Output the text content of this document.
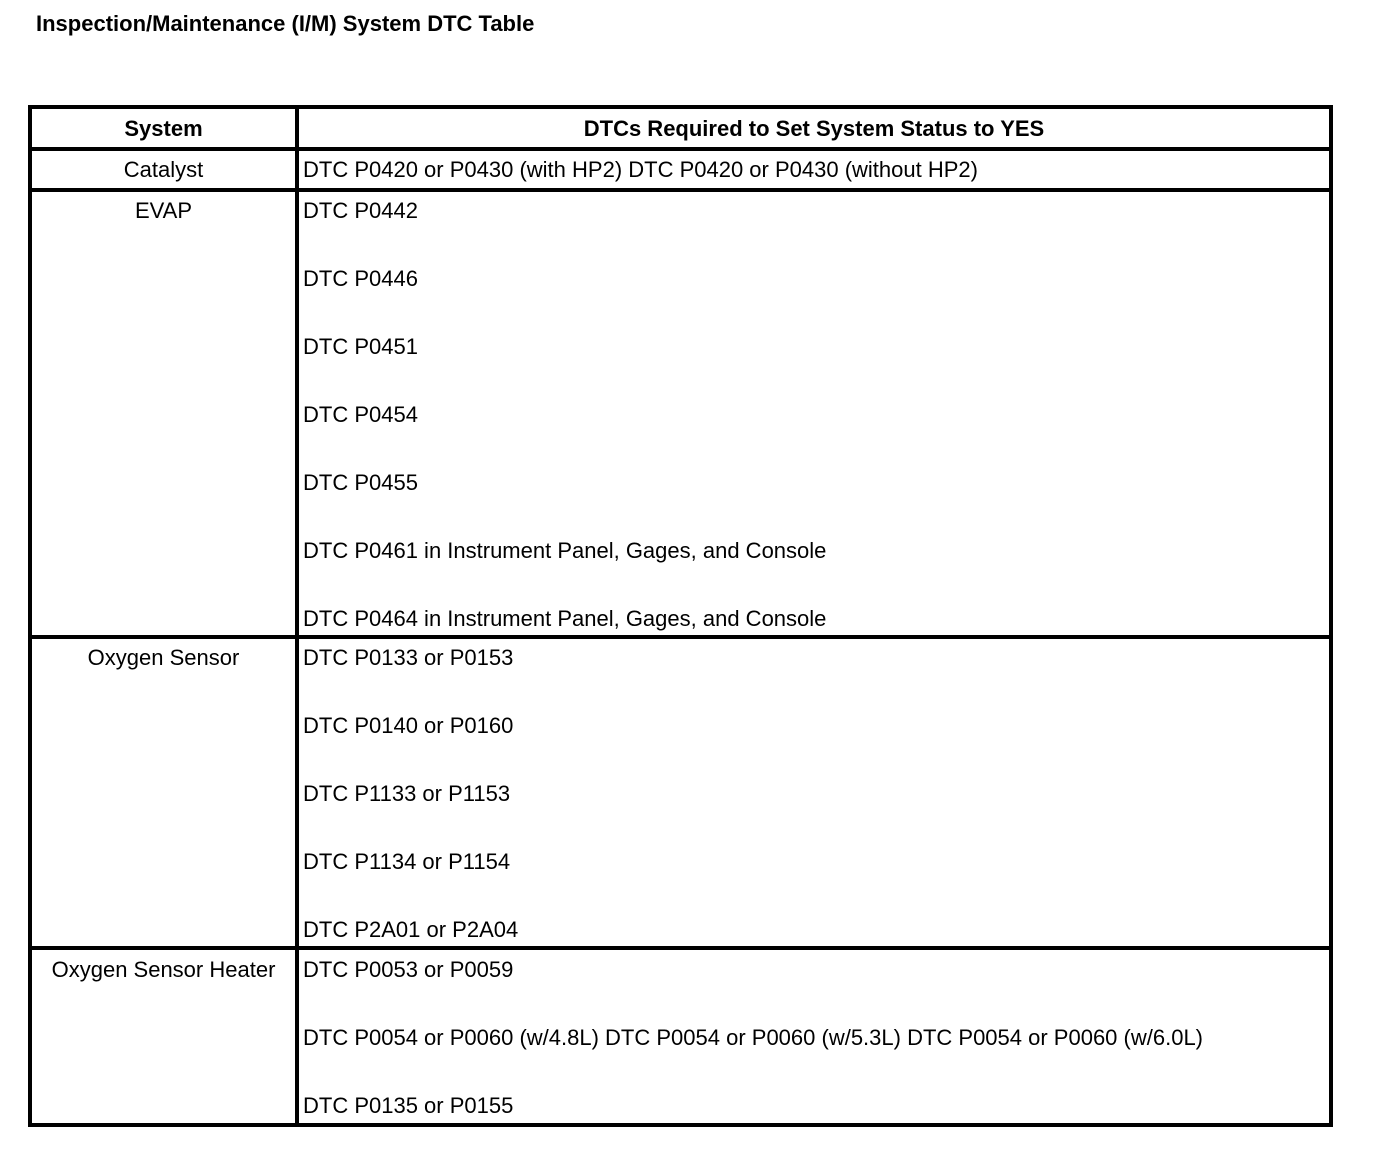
Inspection/Maintenance (I/M) System DTC Table
System	DTCs Required to Set System Status to YES
Catalyst	DTC P0420 or P0430 (with HP2) DTC P0420 or P0430 (without HP2)
EVAP	DTC P0442
DTC P0446
DTC P0451
DTC P0454
DTC P0455
DTC P0461 in Instrument Panel, Gages, and Console
DTC P0464 in Instrument Panel, Gages, and Console
Oxygen Sensor	DTC P0133 or P0153
DTC P0140 or P0160
DTC P1133 or P1153
DTC P1134 or P1154
DTC P2A01 or P2A04
Oxygen Sensor Heater	DTC P0053 or P0059
DTC P0054 or P0060 (w/4.8L) DTC P0054 or P0060 (w/5.3L) DTC P0054 or P0060 (w/6.0L)
DTC P0135 or P0155
